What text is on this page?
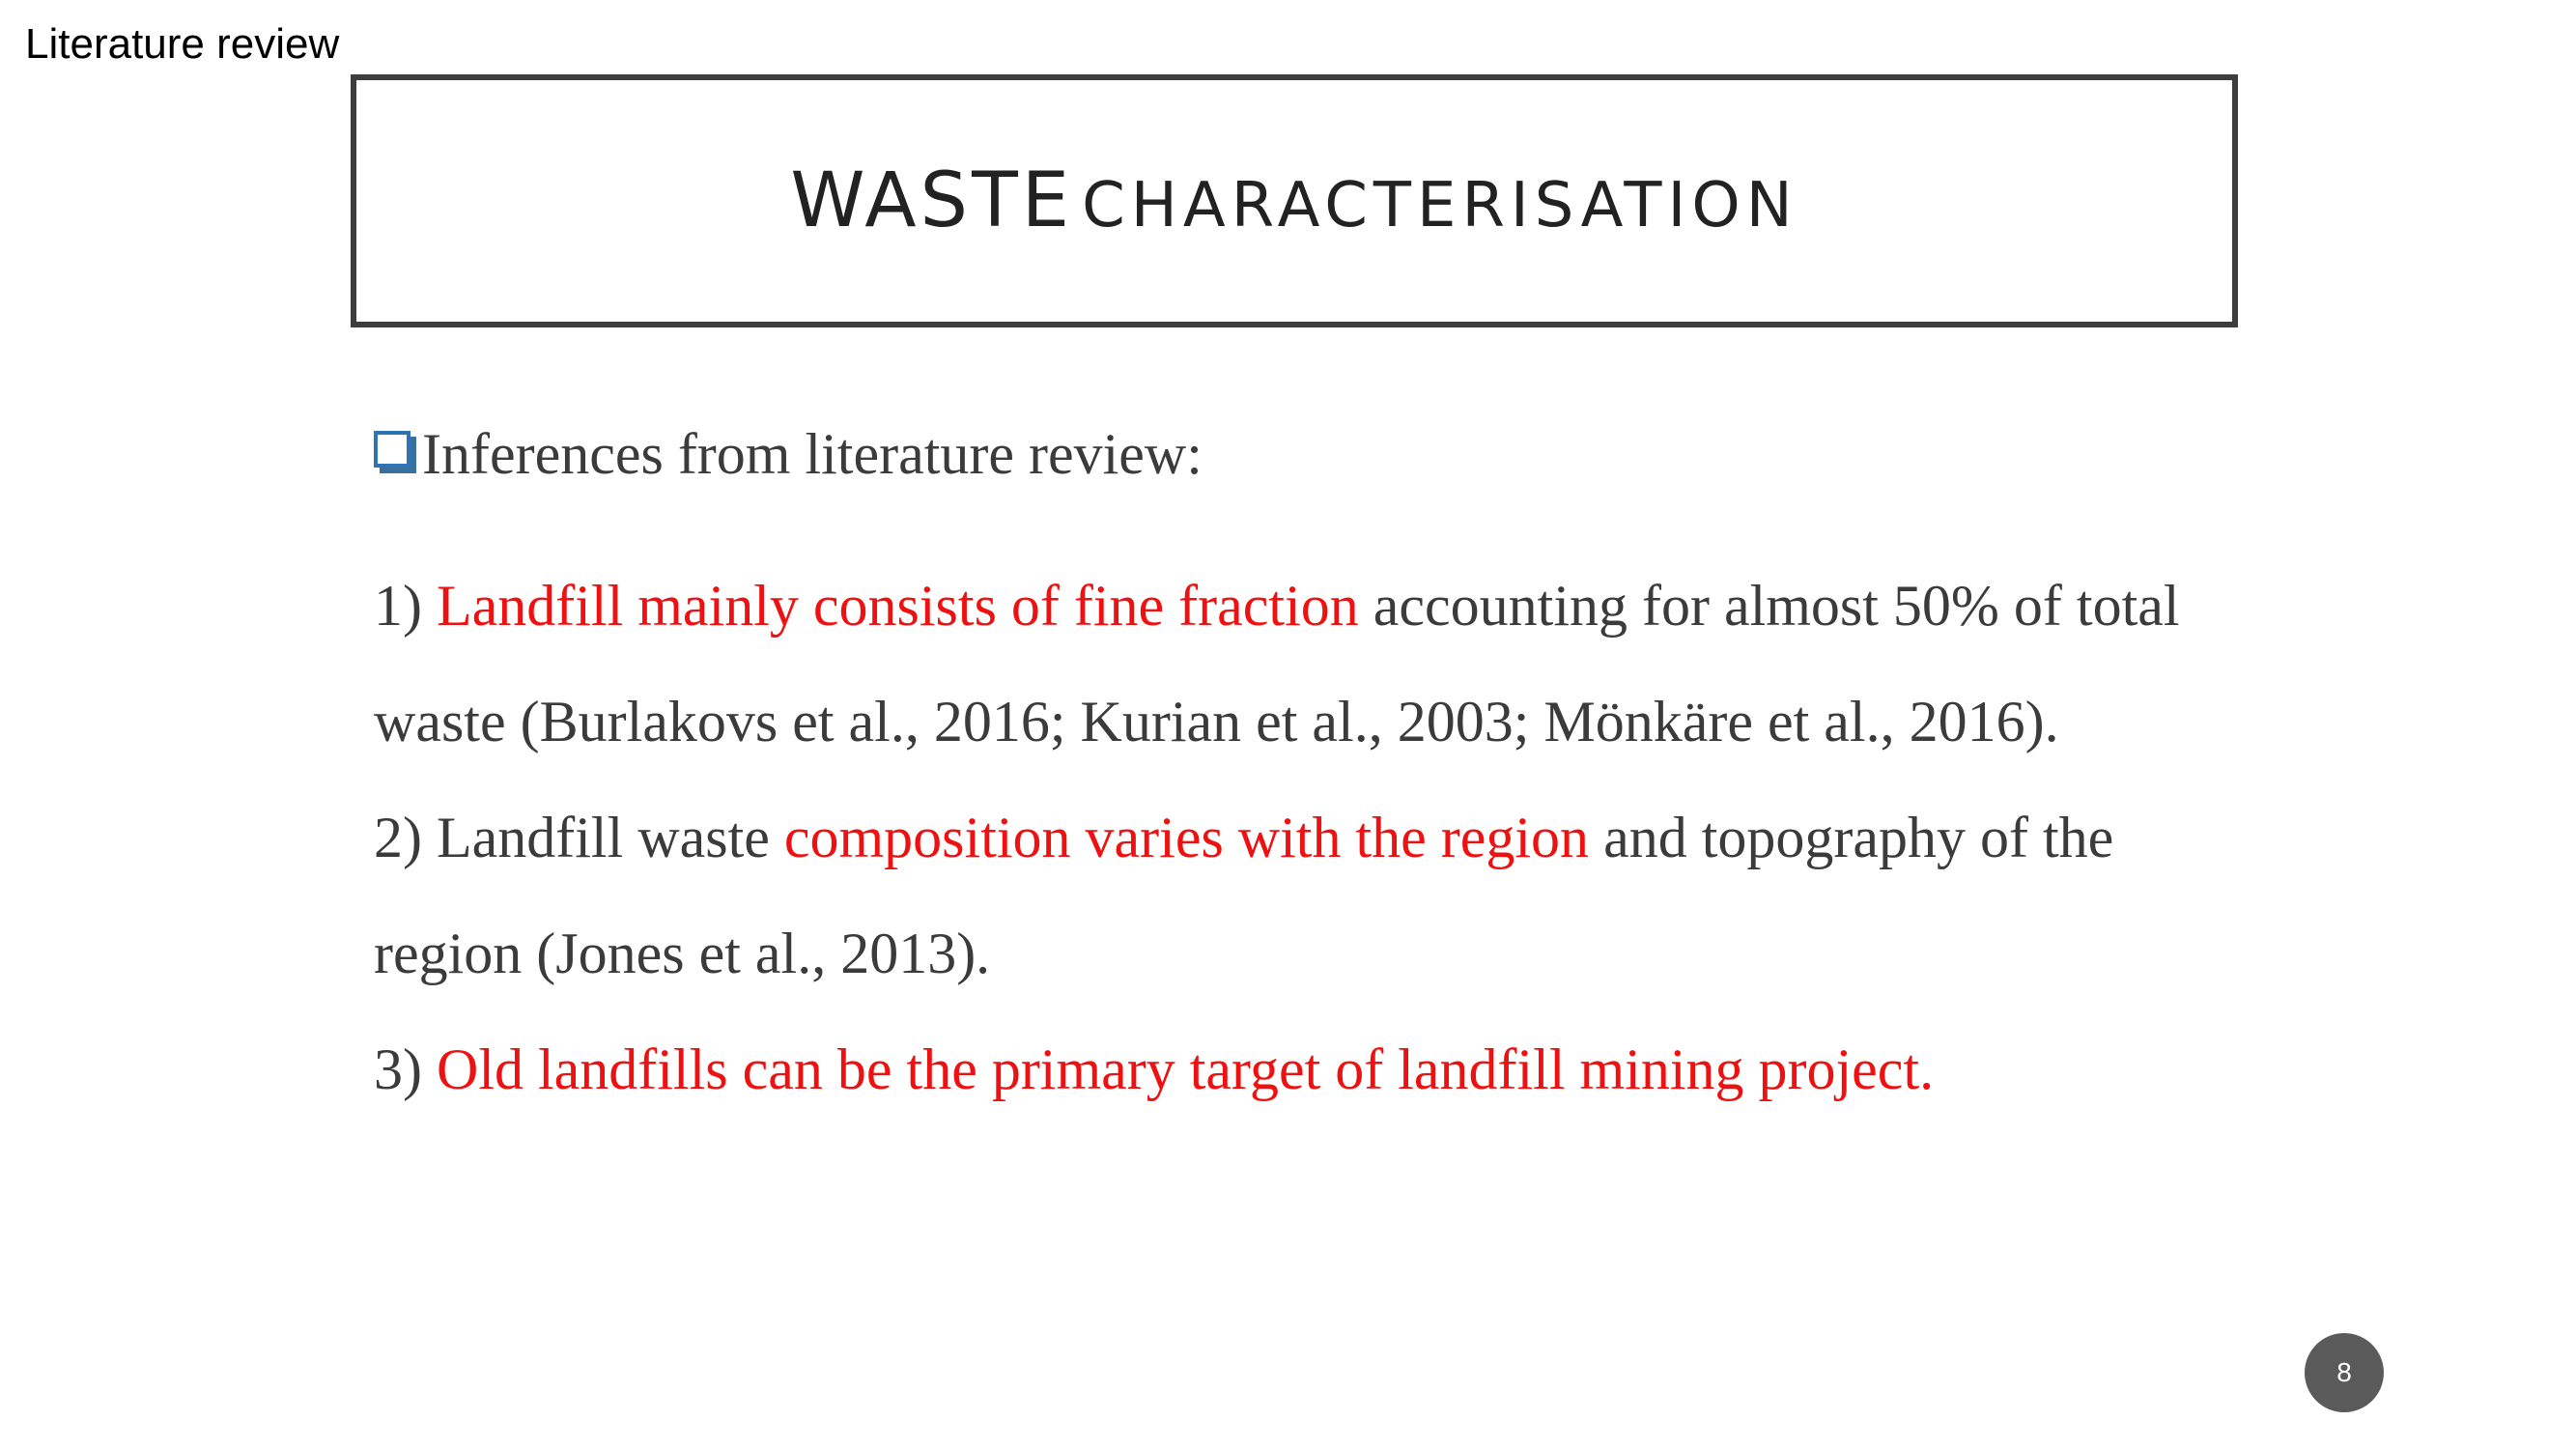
Literature review
WASTE CHARACTERISATION
Inferences from literature review:

1) Landfill mainly consists of fine fraction accounting for almost 50% of total waste (Burlakovs et al., 2016; Kurian et al., 2003; Mönkäre et al., 2016).

2) Landfill waste composition varies with the region and topography of the region (Jones et al., 2013).

3) Old landfills can be the primary target of landfill mining project.

8
